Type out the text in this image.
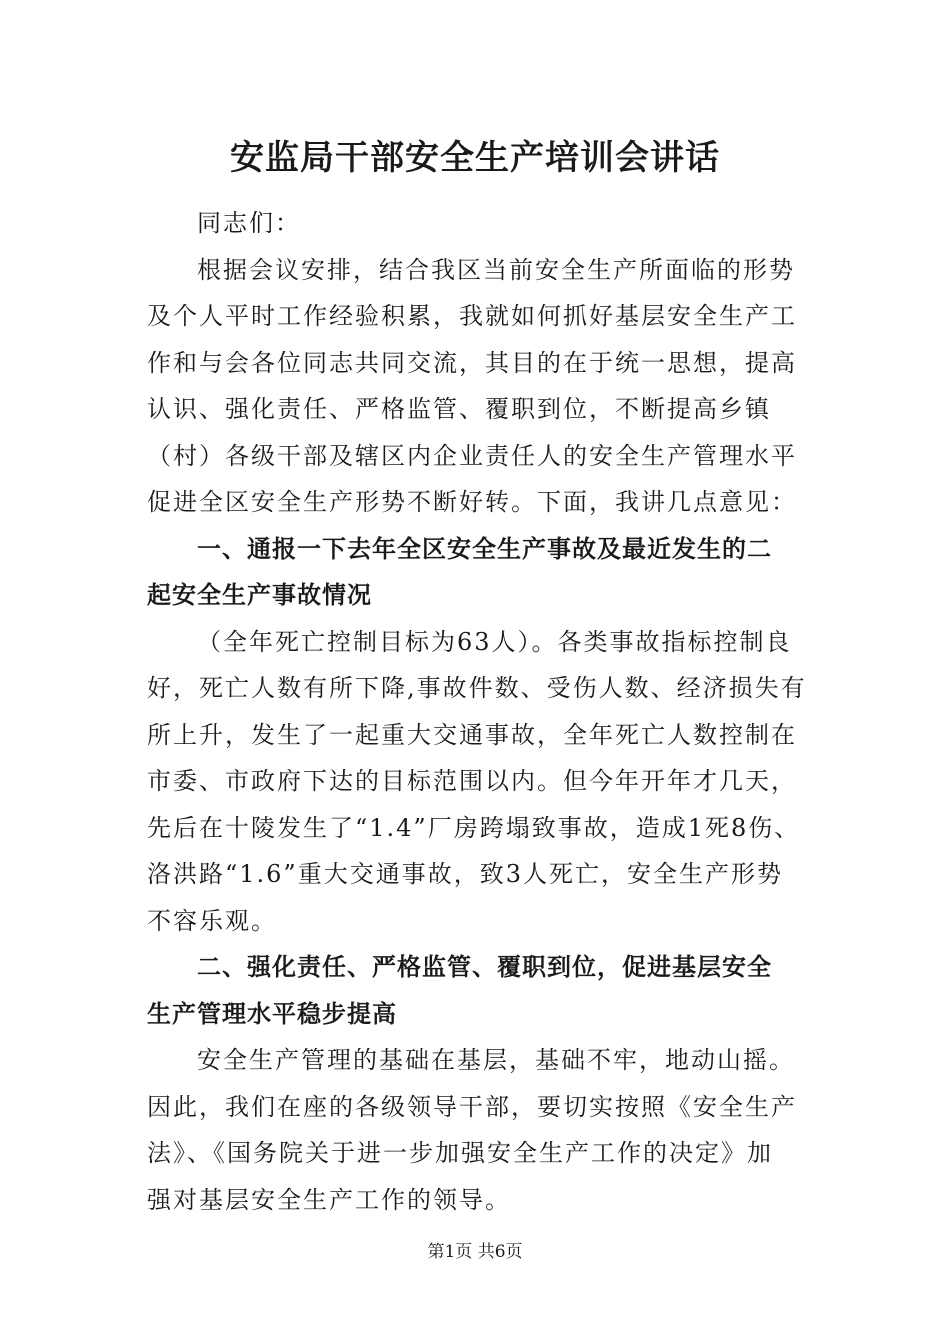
安监局干部安全生产培训会讲话
同志们：
根据会议安排，结合我区当前安全生产所面临的形势
及个人平时工作经验积累，我就如何抓好基层安全生产工
作和与会各位同志共同交流，其目的在于统一思想，提高
认识、强化责任、严格监管、覆职到位，不断提高乡镇
（村）各级干部及辖区内企业责任人的安全生产管理水平
促进全区安全生产形势不断好转。下面，我讲几点意见：
一、通报一下去年全区安全生产事故及最近发生的二
起安全生产事故情况
（全年死亡控制目标为63人）。各类事故指标控制良
好，死亡人数有所下降,事故件数、受伤人数、经济损失有
所上升，发生了一起重大交通事故，全年死亡人数控制在
市委、市政府下达的目标范围以内。但今年开年才几天，
先后在十陵发生了“1.4”厂房跨塌致事故，造成1死8伤、
洛洪路“1.6”重大交通事故，致3人死亡，安全生产形势
不容乐观。
二、强化责任、严格监管、覆职到位，促进基层安全
生产管理水平稳步提高
安全生产管理的基础在基层，基础不牢，地动山摇。
因此，我们在座的各级领导干部，要切实按照《安全生产
法》、《国务院关于进一步加强安全生产工作的决定》加
强对基层安全生产工作的领导。
第1页 共6页
